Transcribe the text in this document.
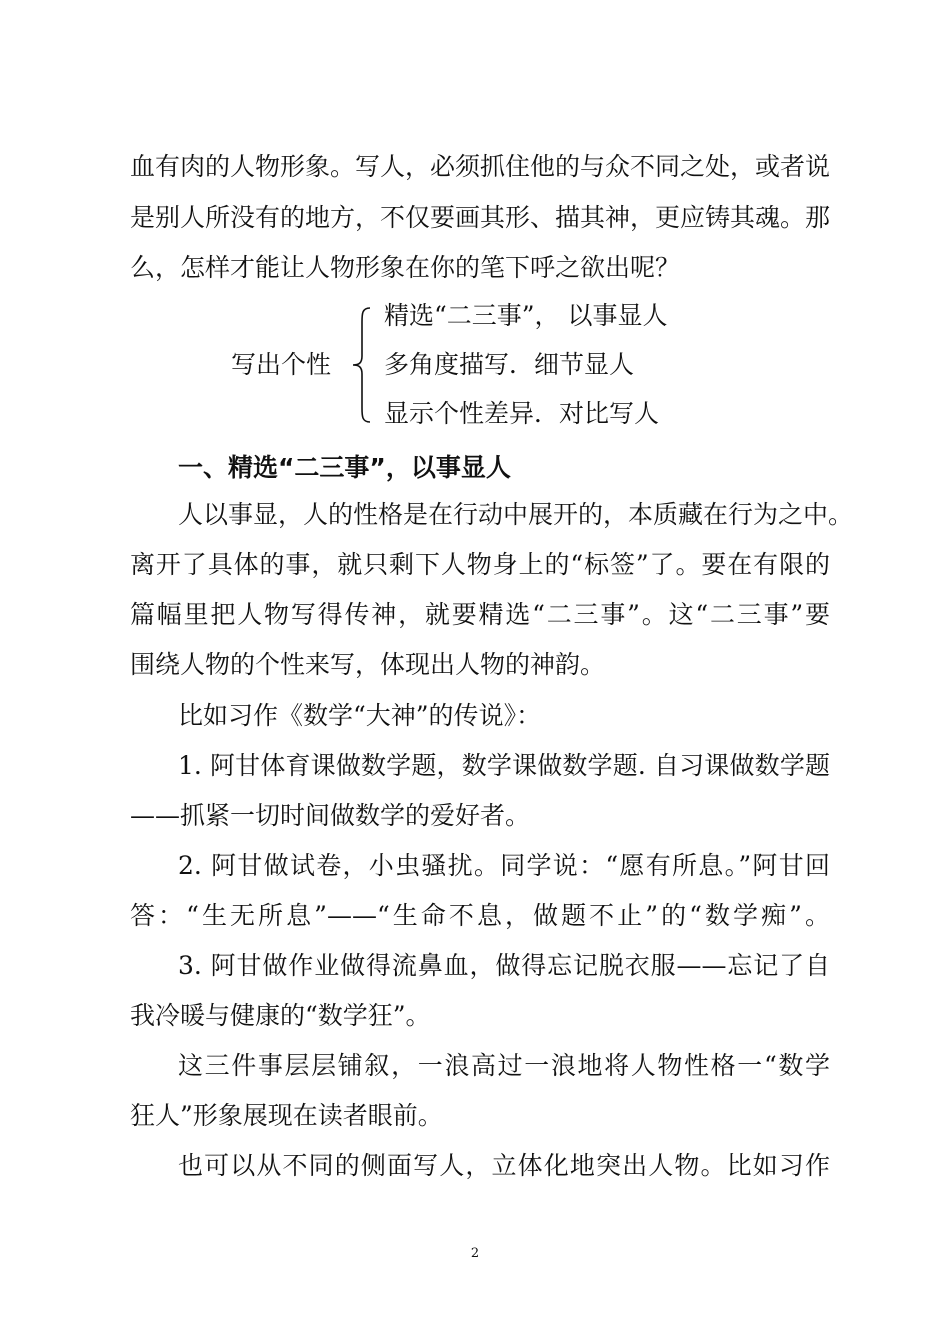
血有肉的人物形象。写人，必须抓住他的与众不同之处，或者说
是别人所没有的地方，不仅要画其形、描其神，更应铸其魂。那
么，怎样才能让人物形象在你的笔下呼之欲出呢？
写出个性
精选“二三事”， 以事显人
多角度描写．细节显人
显示个性差异．对比写人
一、精选“二三事”，以事显人
人以事显，人的性格是在行动中展开的，本质藏在行为之中。
离开了具体的事，就只剩下人物身上的“标签”了。要在有限的
篇幅里把人物写得传神，就要精选“二三事”。这“二三事”要
围绕人物的个性来写，体现出人物的神韵。
比如习作《数学“大神”的传说》：
1. 阿甘体育课做数学题，数学课做数学题. 自习课做数学题
——抓紧一切时间做数学的爱好者。
2. 阿甘做试卷，小虫骚扰。同学说：“愿有所息。”阿甘回
答：“生无所息”——“生命不息，做题不止”的“数学痴”。
3. 阿甘做作业做得流鼻血，做得忘记脱衣服——忘记了自
我冷暖与健康的“数学狂”。
这三件事层层铺叙，一浪高过一浪地将人物性格一“数学
狂人”形象展现在读者眼前。
也可以从不同的侧面写人，立体化地突出人物。比如习作
2
